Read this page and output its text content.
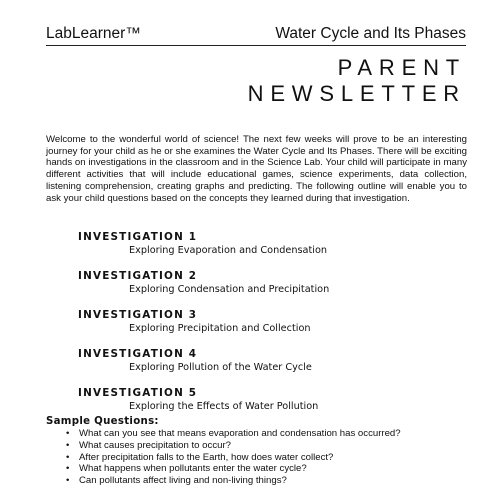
LabLearner™	Water Cycle and Its Phases
PARENT
NEWSLETTER

Welcome to the wonderful world of science! The next few weeks will prove to be an interesting journey for your child as he or she examines the Water Cycle and Its Phases. There will be exciting hands on investigations in the classroom and in the Science Lab. Your child will participate in many different activities that will include educational games, science experiments, data collection, listening comprehension, creating graphs and predicting. The following outline will enable you to ask your child questions based on the concepts they learned during that investigation.

INVESTIGATION 1
Exploring Evaporation and Condensation
INVESTIGATION 2
Exploring Condensation and Precipitation
INVESTIGATION 3
Exploring Precipitation and Collection
INVESTIGATION 4
Exploring Pollution of the Water Cycle
INVESTIGATION 5
Exploring the Effects of Water Pollution
Sample Questions:
• What can you see that means evaporation and condensation has occurred?
• What causes precipitation to occur?
• After precipitation falls to the Earth, how does water collect?
• What happens when pollutants enter the water cycle?
• Can pollutants affect living and non-living things?
